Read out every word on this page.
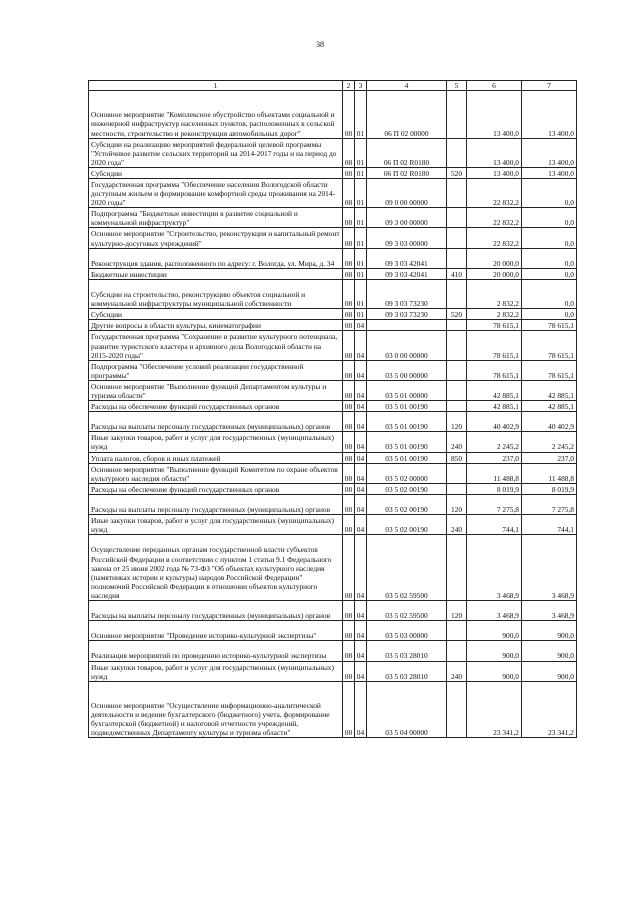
38
1	2	3	4	5	6	7
Основное мероприятие "Комплексное обустройство объектами социальной и инженерной инфраструктур населенных пунктов, расположенных в сельской местности, строительство и реконструкция автомобильных дорог"	08	01	06 П 02 00000		13 400,0	13 400,0
Субсидии на реализацию мероприятий федеральной целевой программы "Устойчивое развитие сельских территорий на 2014-2017 годы и на период до 2020 года"	08	01	06 П 02 R0180		13 400,0	13 400,0
Субсидии	08	01	06 П 02 R0180	520	13 400,0	13 400,0
Государственная программа "Обеспечение населения Вологодской области доступным жильем и формирование комфортной среды проживания на 2014-2020 годы"	08	01	09 0 00 00000		22 832,2	0,0
Подпрограмма "Бюджетные инвестиции в развитие социальной и коммунальной инфраструктур"	08	01	09 3 00 00000		22 832,2	0,0
Основное мероприятие "Строительство, реконструкция и капитальный ремонт культурно-досуговых учреждений"	08	01	09 3 03 00000		22 832,2	0,0
Реконструкция здания, расположенного по адресу: г. Вологда, ул. Мира, д. 34	08	01	09 3 03 42041		20 000,0	0,0
Бюджетные инвестиции	08	01	09 3 03 42041	410	20 000,0	0,0
Субсидии на строительство, реконструкцию объектов социальной и коммунальной инфраструктуры муниципальной собственности	08	01	09 3 03 73230		2 832,2	0,0
Субсидии	08	01	09 3 03 73230	520	2 832,2	0,0
Другие вопросы в области культуры, кинематографии	08	04			78 615,1	78 615,1
Государственная программа "Сохранение и развитие культурного потенциала, развитие туристского кластера и архивного дела Вологодской области на 2015-2020 годы"	08	04	03 0 00 00000		78 615,1	78 615,1
Подпрограмма "Обеспечение условий реализации государственной программы"	08	04	03 5 00 00000		78 615,1	78 615,1
Основное мероприятие "Выполнение функций Департаментом культуры и туризма области"	08	04	03 5 01 00000		42 885,1	42 885,1
Расходы на обеспечение функций государственных органов	08	04	03 5 01 00190		42 885,1	42 885,1
Расходы на выплаты персоналу государственных (муниципальных) органов	08	04	03 5 01 00190	120	40 402,9	40 402,9
Иные закупки товаров, работ и услуг для государственных (муниципальных) нужд	08	04	03 5 01 00190	240	2 245,2	2 245,2
Уплата налогов, сборов и иных платежей	08	04	03 5 01 00190	850	237,0	237,0
Основное мероприятие "Выполнение функций Комитетом по охране объектов культурного наследия области"	08	04	03 5 02 00000		11 488,8	11 488,8
Расходы на обеспечение функций государственных органов	08	04	03 5 02 00190		8 019,9	8 019,9
Расходы на выплаты персоналу государственных (муниципальных) органов	08	04	03 5 02 00190	120	7 275,8	7 275,8
Иные закупки товаров, работ и услуг для государственных (муниципальных) нужд	08	04	03 5 02 00190	240	744,1	744,1
Осуществление переданных органам государственной власти субъектов Российской Федерации в соответствии с пунктом 1 статьи 9.1 Федерального закона от 25 июня 2002 года № 73-ФЗ "Об объектах культурного наследия (памятниках истории и культуры) народов Российской Федерации" полномочий Российской Федерации в отношении объектов культурного наследия	08	04	03 5 02 59500		3 468,9	3 468,9
Расходы на выплаты персоналу государственных (муниципальных) органов	08	04	03 5 02 59500	120	3 468,9	3 468,9
Основное мероприятие "Проведение историко-культурной экспертизы"	08	04	03 5 03 00000		900,0	900,0
Реализация мероприятий по проведению историко-культурной экспертизы	08	04	03 5 03 28010		900,0	900,0
Иные закупки товаров, работ и услуг для государственных (муниципальных) нужд	08	04	03 5 03 28010	240	900,0	900,0
Основное мероприятие "Осуществление информационно-аналитической деятельности и ведение бухгалтерского (бюджетного) учета, формирование бухгалтерской (бюджетной) и налоговой отчетности учреждений, подведомственных Департаменту культуры и туризма области"	08	04	03 5 04 00000		23 341,2	23 341,2
